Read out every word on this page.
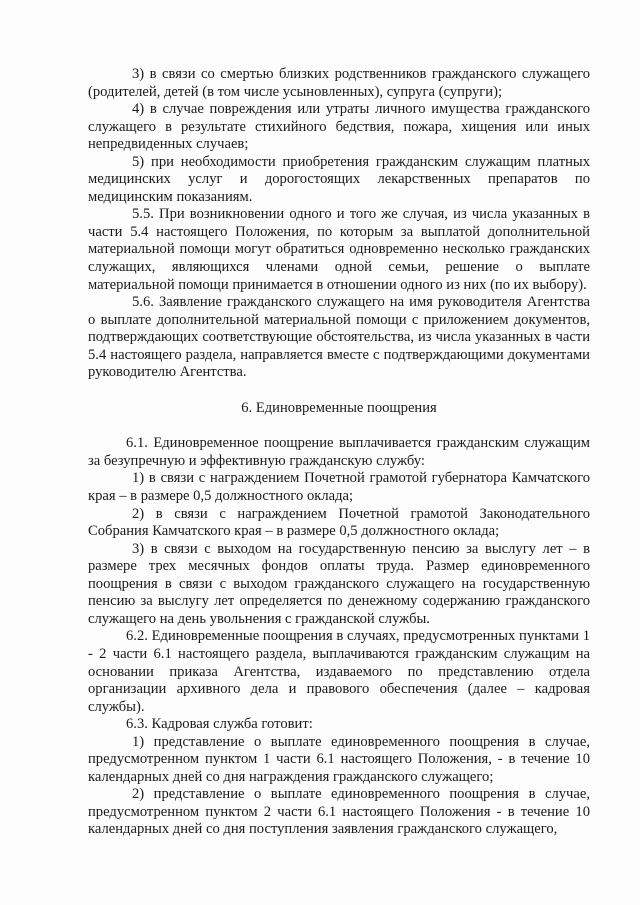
3) в связи со смертью близких родственников гражданского служащего (родителей, детей (в том числе усыновленных), супруга (супруги);

4) в случае повреждения или утраты личного имущества гражданского служащего в результате стихийного бедствия, пожара, хищения или иных непредвиденных случаев;

5) при необходимости приобретения гражданским служащим платных медицинских услуг и дорогостоящих лекарственных препаратов по медицинским показаниям.

5.5. При возникновении одного и того же случая, из числа указанных в части 5.4 настоящего Положения, по которым за выплатой дополнительной материальной помощи могут обратиться одновременно несколько гражданских служащих, являющихся членами одной семьи, решение о выплате материальной помощи принимается в отношении одного из них (по их выбору).

5.6. Заявление гражданского служащего на имя руководителя Агентства о выплате дополнительной материальной помощи с приложением документов, подтверждающих соответствующие обстоятельства, из числа указанных в части 5.4 настоящего раздела, направляется вместе с подтверждающими документами руководителю Агентства.

6. Единовременные поощрения

6.1. Единовременное поощрение выплачивается гражданским служащим за безупречную и эффективную гражданскую службу:

1) в связи с награждением Почетной грамотой губернатора Камчатского края – в размере 0,5 должностного оклада;

2) в связи с награждением Почетной грамотой Законодательного Собрания Камчатского края – в размере 0,5 должностного оклада;

3) в связи с выходом на государственную пенсию за выслугу лет – в размере трех месячных фондов оплаты труда. Размер единовременного поощрения в связи с выходом гражданского служащего на государственную пенсию за выслугу лет определяется по денежному содержанию гражданского служащего на день увольнения с гражданской службы.

6.2. Единовременные поощрения в случаях, предусмотренных пунктами 1 - 2 части 6.1 настоящего раздела, выплачиваются гражданским служащим на основании приказа Агентства, издаваемого по представлению отдела организации архивного дела и правового обеспечения (далее – кадровая службы).

6.3. Кадровая служба готовит:

1) представление о выплате единовременного поощрения в случае, предусмотренном пунктом 1 части 6.1 настоящего Положения, - в течение 10 календарных дней со дня награждения гражданского служащего;

2) представление о выплате единовременного поощрения в случае, предусмотренном пунктом 2 части 6.1 настоящего Положения - в течение 10 календарных дней со дня поступления заявления гражданского служащего,
